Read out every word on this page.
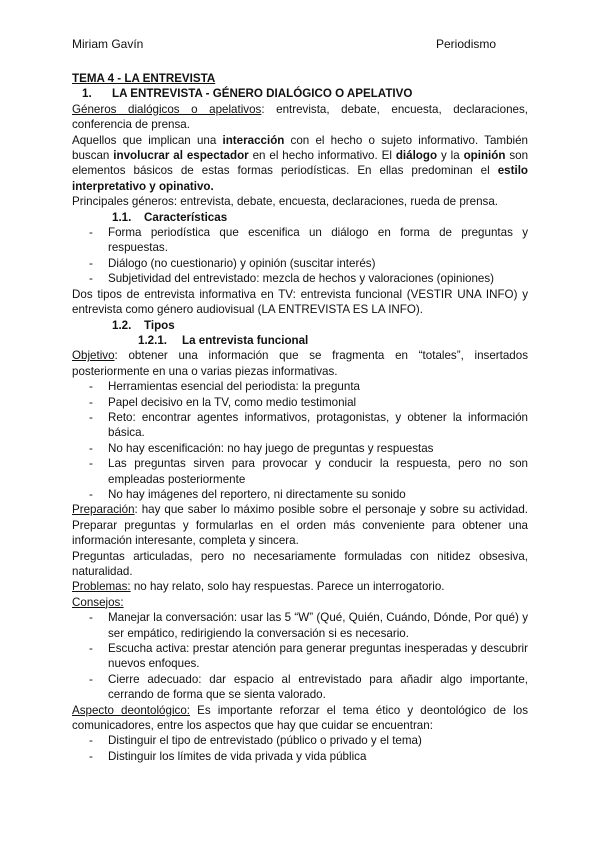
Miriam Gavín	Periodismo

TEMA 4 - LA ENTREVISTA

1. LA ENTREVISTA - GÉNERO DIALÓGICO O APELATIVO

Géneros dialógicos o apelativos: entrevista, debate, encuesta, declaraciones, conferencia de prensa.

Aquellos que implican una interacción con el hecho o sujeto informativo. También buscan involucrar al espectador en el hecho informativo. El diálogo y la opinión son elementos básicos de estas formas periodísticas. En ellas predominan el estilo interpretativo y opinativo.

Principales géneros: entrevista, debate, encuesta, declaraciones, rueda de prensa.

1.1. Características

- Forma periodística que escenifica un diálogo en forma de preguntas y respuestas.
- Diálogo (no cuestionario) y opinión (suscitar interés)
- Subjetividad del entrevistado: mezcla de hechos y valoraciones (opiniones)

Dos tipos de entrevista informativa en TV: entrevista funcional (VESTIR UNA INFO) y entrevista como género audiovisual (LA ENTREVISTA ES LA INFO).

1.2. Tipos

1.2.1. La entrevista funcional

Objetivo: obtener una información que se fragmenta en “totales”, insertados posteriormente en una o varias piezas informativas.

- Herramientas esencial del periodista: la pregunta
- Papel decisivo en la TV, como medio testimonial
- Reto: encontrar agentes informativos, protagonistas, y obtener la información básica.
- No hay escenificación: no hay juego de preguntas y respuestas
- Las preguntas sirven para provocar y conducir la respuesta, pero no son empleadas posteriormente
- No hay imágenes del reportero, ni directamente su sonido

Preparación: hay que saber lo máximo posible sobre el personaje y sobre su actividad. Preparar preguntas y formularlas en el orden más conveniente para obtener una información interesante, completa y sincera.

Preguntas articuladas, pero no necesariamente formuladas con nitidez obsesiva, naturalidad.

Problemas: no hay relato, solo hay respuestas. Parece un interrogatorio.

Consejos:

- Manejar la conversación: usar las 5 “W” (Qué, Quién, Cuándo, Dónde, Por qué) y ser empático, redirigiendo la conversación si es necesario.
- Escucha activa: prestar atención para generar preguntas inesperadas y descubrir nuevos enfoques.
- Cierre adecuado: dar espacio al entrevistado para añadir algo importante, cerrando de forma que se sienta valorado.

Aspecto deontológico: Es importante reforzar el tema ético y deontológico de los comunicadores, entre los aspectos que hay que cuidar se encuentran:

- Distinguir el tipo de entrevistado (público o privado y el tema)
- Distinguir los límites de vida privada y vida pública
